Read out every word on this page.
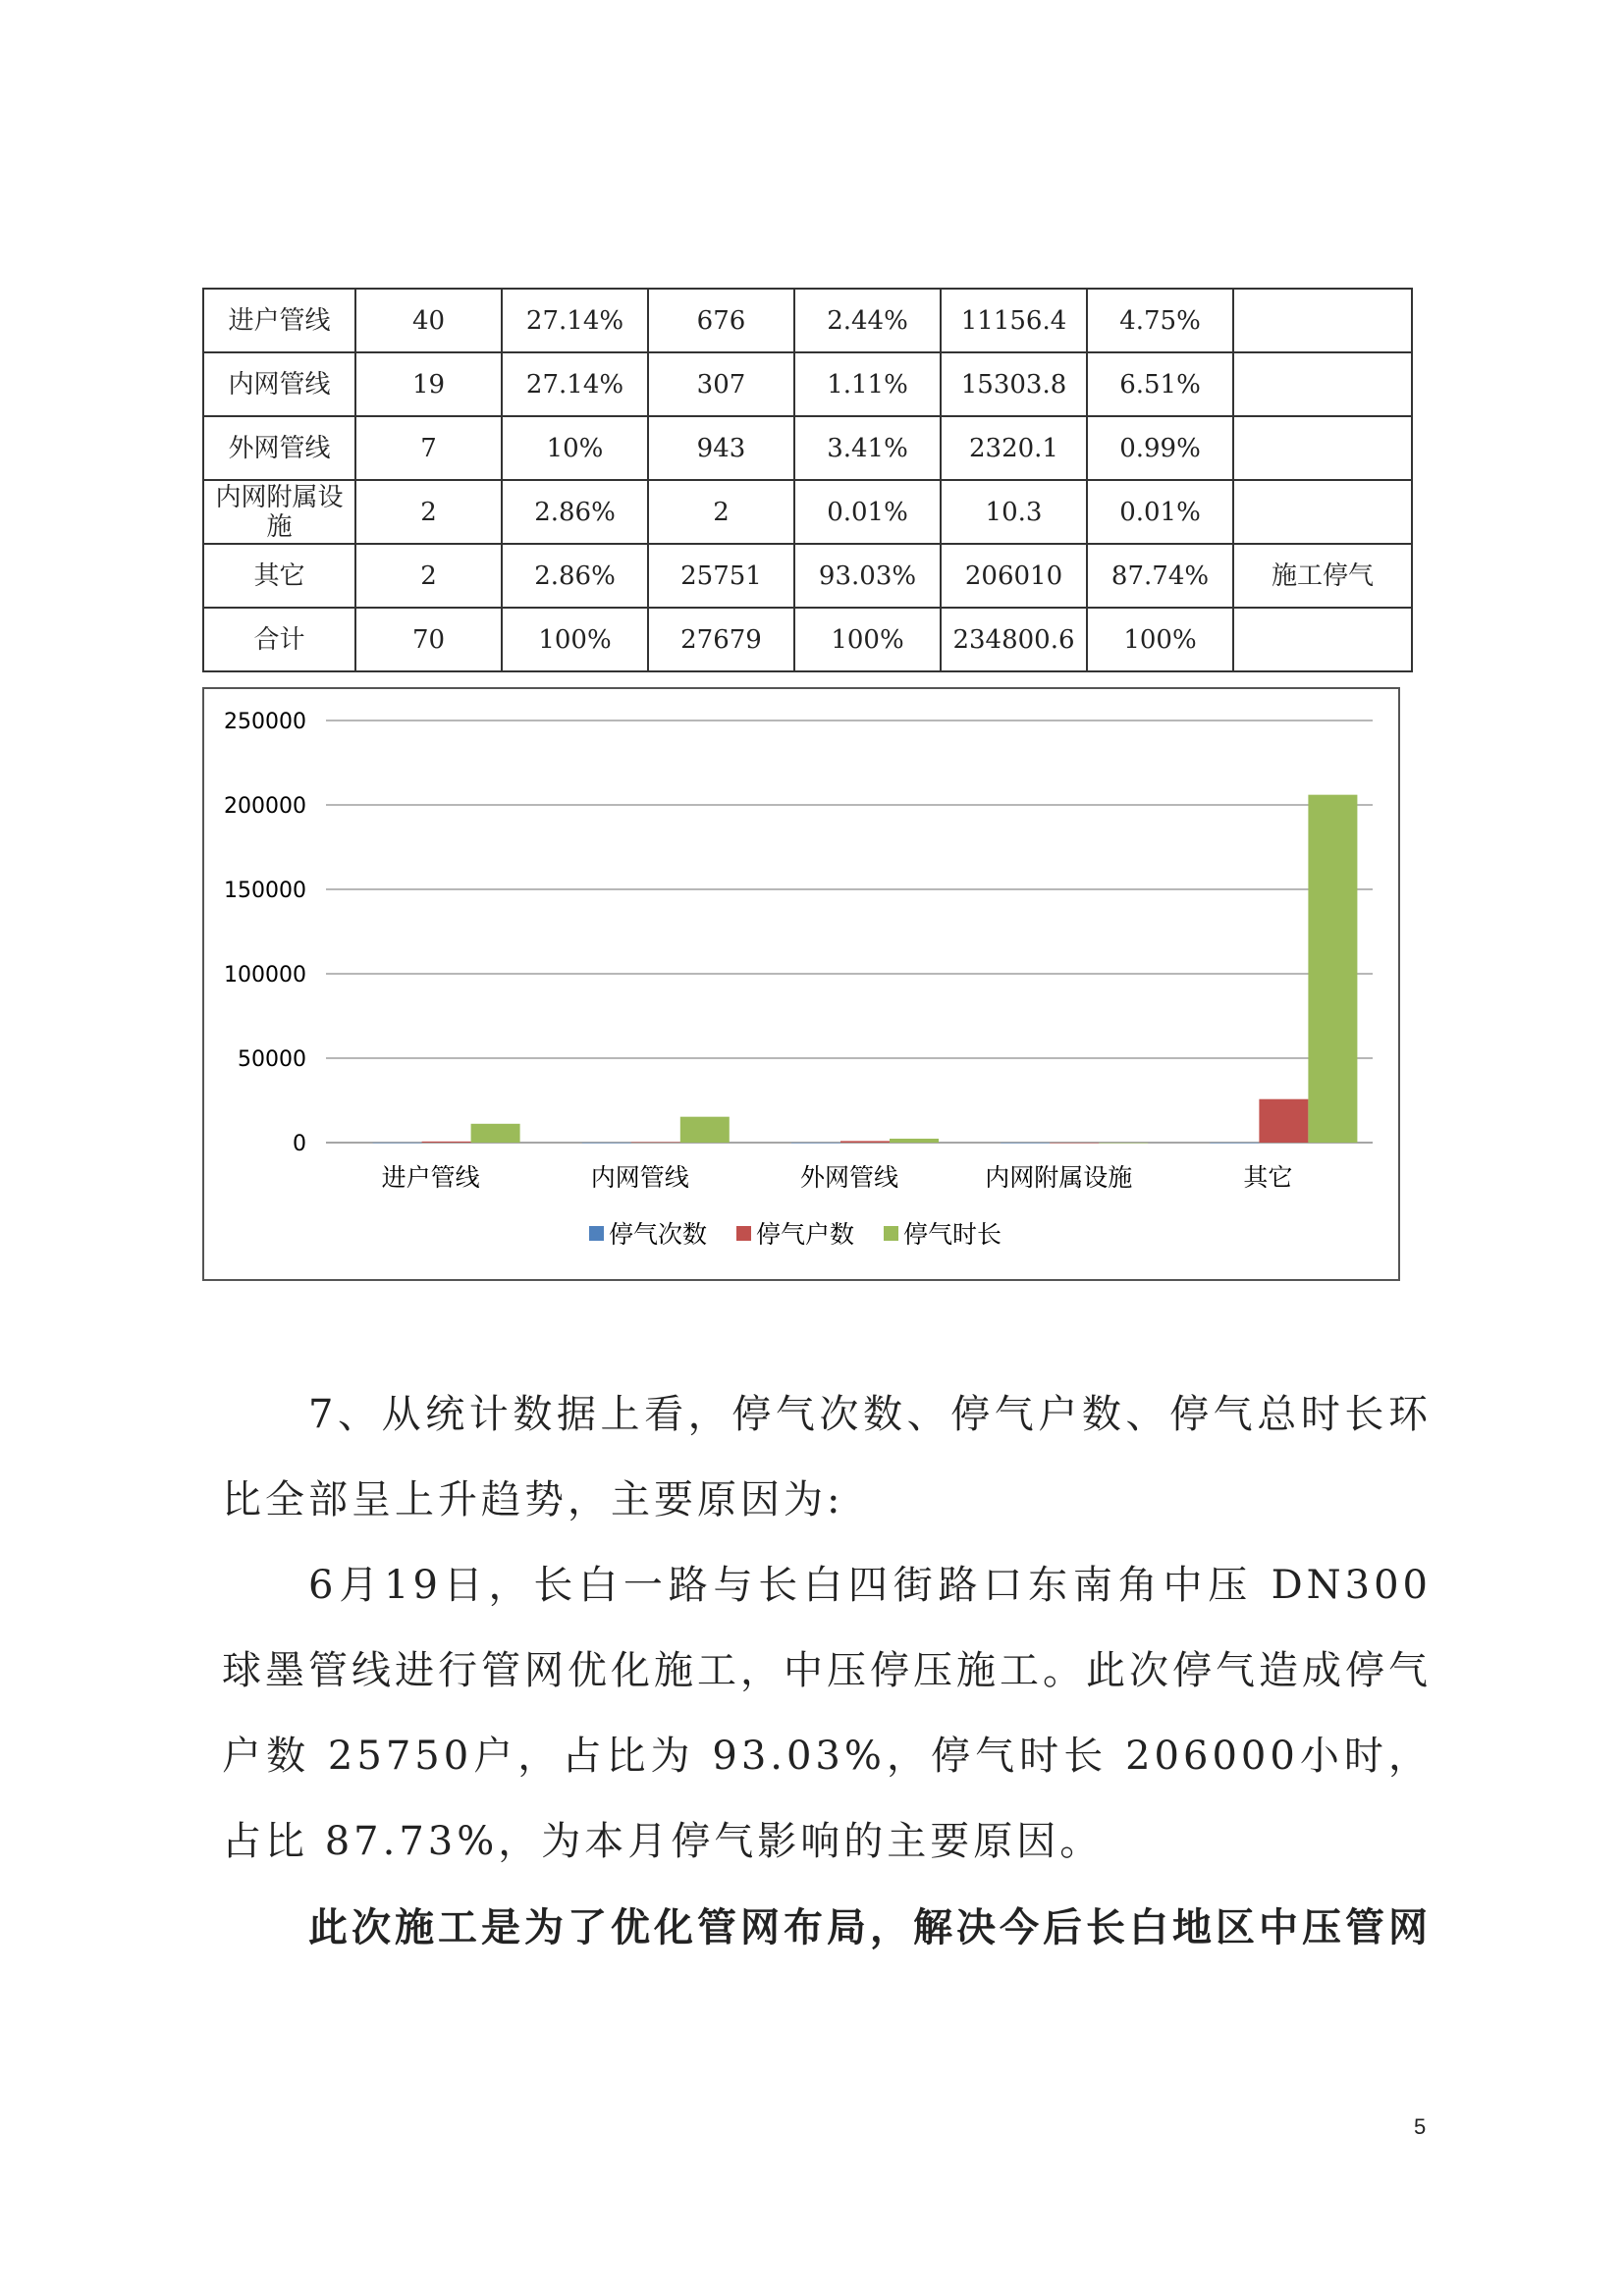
进户管线	40	27.14%	676	2.44%	11156.4	4.75%	
内网管线	19	27.14%	307	1.11%	15303.8	6.51%	
外网管线	7	10%	943	3.41%	2320.1	0.99%	
内网附属设施	2	2.86%	2	0.01%	10.3	0.01%	
其它	2	2.86%	25751	93.03%	206010	87.74%	施工停气
合计	70	100%	27679	100%	234800.6	100%	
0
50000
100000
150000
200000
250000
进户管线	内网管线	外网管线	内网附属设施	其它
停气次数 停气户数 停气时长

7、从统计数据上看，停气次数、停气户数、停气总时长环比全部呈上升趋势，主要原因为:

6月19日，长白一路与长白四街路口东南角中压 DN300 球墨管线进行管网优化施工，中压停压施工。此次停气造成停气户数 25750户，占比为 93.03%，停气时长 206000小时，占比 87.73%，为本月停气影响的主要原因。

此次施工是为了优化管网布局，解决今后长白地区中压管网

5
